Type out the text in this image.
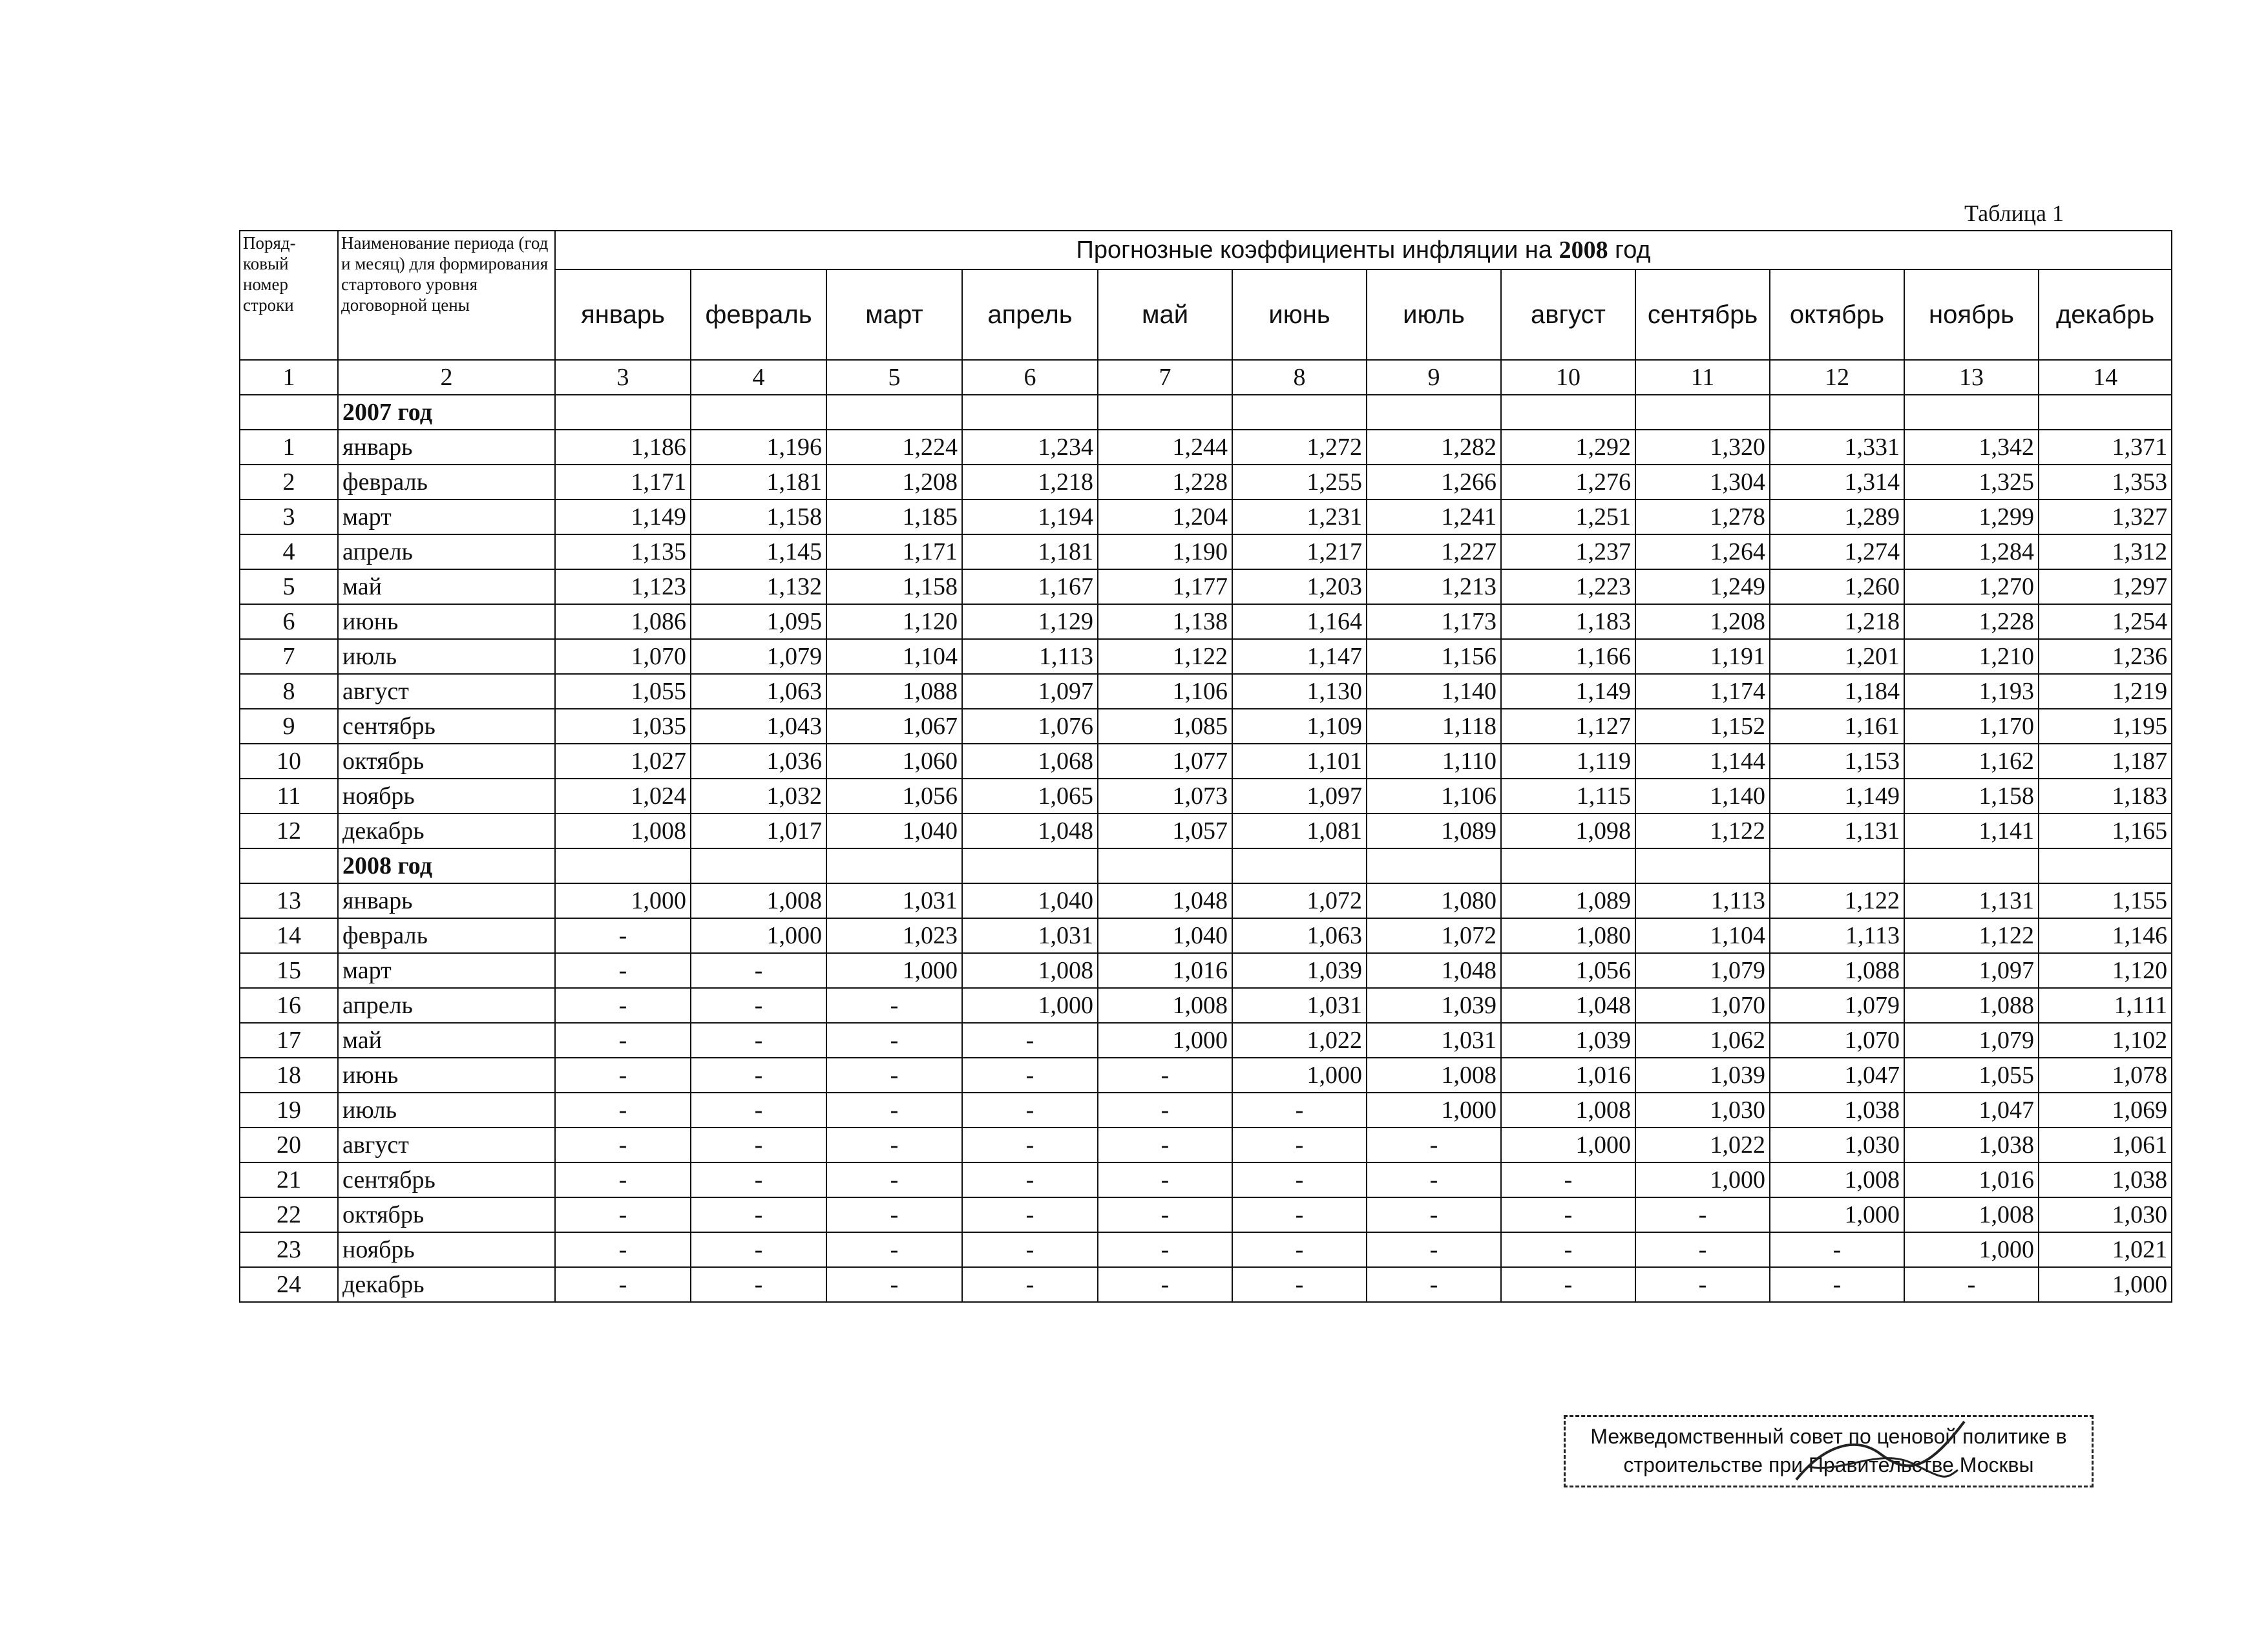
Таблица 1
Поряд-ковый номер строки	Наименование периода (год и месяц) для формирования стартового уровня договорной цены	Прогнозные коэффициенты инфляции на 2008 год											
		январь	февраль	март	апрель	май	июнь	июль	август	сентябрь	октябрь	ноябрь	декабрь
1	2	3	4	5	6	7	8	9	10	11	12	13	14
	2007 год												
1	январь	1,186	1,196	1,224	1,234	1,244	1,272	1,282	1,292	1,320	1,331	1,342	1,371
2	февраль	1,171	1,181	1,208	1,218	1,228	1,255	1,266	1,276	1,304	1,314	1,325	1,353
3	март	1,149	1,158	1,185	1,194	1,204	1,231	1,241	1,251	1,278	1,289	1,299	1,327
4	апрель	1,135	1,145	1,171	1,181	1,190	1,217	1,227	1,237	1,264	1,274	1,284	1,312
5	май	1,123	1,132	1,158	1,167	1,177	1,203	1,213	1,223	1,249	1,260	1,270	1,297
6	июнь	1,086	1,095	1,120	1,129	1,138	1,164	1,173	1,183	1,208	1,218	1,228	1,254
7	июль	1,070	1,079	1,104	1,113	1,122	1,147	1,156	1,166	1,191	1,201	1,210	1,236
8	август	1,055	1,063	1,088	1,097	1,106	1,130	1,140	1,149	1,174	1,184	1,193	1,219
9	сентябрь	1,035	1,043	1,067	1,076	1,085	1,109	1,118	1,127	1,152	1,161	1,170	1,195
10	октябрь	1,027	1,036	1,060	1,068	1,077	1,101	1,110	1,119	1,144	1,153	1,162	1,187
11	ноябрь	1,024	1,032	1,056	1,065	1,073	1,097	1,106	1,115	1,140	1,149	1,158	1,183
12	декабрь	1,008	1,017	1,040	1,048	1,057	1,081	1,089	1,098	1,122	1,131	1,141	1,165
	2008 год												
13	январь	1,000	1,008	1,031	1,040	1,048	1,072	1,080	1,089	1,113	1,122	1,131	1,155
14	февраль	-	1,000	1,023	1,031	1,040	1,063	1,072	1,080	1,104	1,113	1,122	1,146
15	март	-	-	1,000	1,008	1,016	1,039	1,048	1,056	1,079	1,088	1,097	1,120
16	апрель	-	-	-	1,000	1,008	1,031	1,039	1,048	1,070	1,079	1,088	1,111
17	май	-	-	-	-	1,000	1,022	1,031	1,039	1,062	1,070	1,079	1,102
18	июнь	-	-	-	-	-	1,000	1,008	1,016	1,039	1,047	1,055	1,078
19	июль	-	-	-	-	-	-	1,000	1,008	1,030	1,038	1,047	1,069
20	август	-	-	-	-	-	-	-	1,000	1,022	1,030	1,038	1,061
21	сентябрь	-	-	-	-	-	-	-	-	1,000	1,008	1,016	1,038
22	октябрь	-	-	-	-	-	-	-	-	-	1,000	1,008	1,030
23	ноябрь	-	-	-	-	-	-	-	-	-	-	1,000	1,021
24	декабрь	-	-	-	-	-	-	-	-	-	-	-	1,000
Межведомственный совет по ценовой политике в
строительстве при Правительстве Москвы
